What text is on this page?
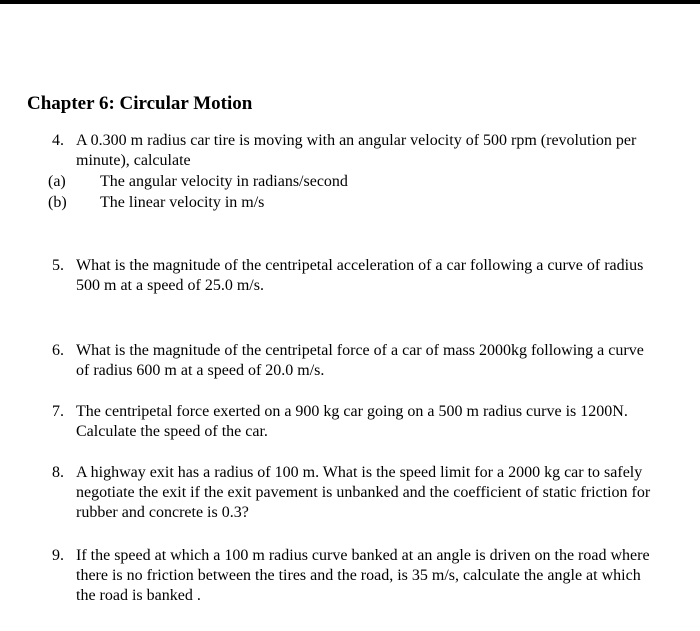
Chapter 6: Circular Motion
4. A 0.300 m radius car tire is moving with an angular velocity of 500 rpm (revolution per
minute), calculate
(a) The angular velocity in radians/second
(b) The linear velocity in m/s
5. What is the magnitude of the centripetal acceleration of a car following a curve of radius
500 m at a speed of 25.0 m/s.
6. What is the magnitude of the centripetal force of a car of mass 2000kg following a curve
of radius 600 m at a speed of 20.0 m/s.
7. The centripetal force exerted on a 900 kg car going on a 500 m radius curve is 1200N.
Calculate the speed of the car.
8. A highway exit has a radius of 100 m. What is the speed limit for a 2000 kg car to safely
negotiate the exit if the exit pavement is unbanked and the coefficient of static friction for
rubber and concrete is 0.3?
9. If the speed at which a 100 m radius curve banked at an angle is driven on the road where
there is no friction between the tires and the road, is 35 m/s, calculate the angle at which
the road is banked .
